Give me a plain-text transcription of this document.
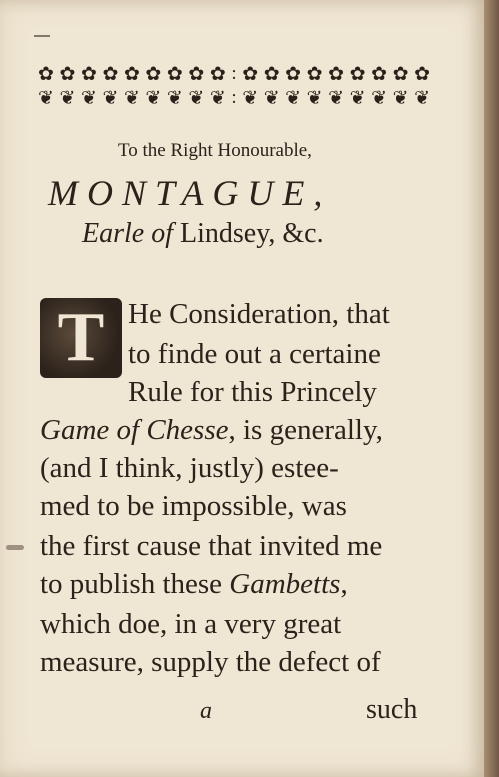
✿ ✿ ✿ ✿ ✿ ✿ ✿ ✿ ✿ : ✿ ✿ ✿ ✿ ✿ ✿ ✿ ✿ ✿
❦ ❦ ❦ ❦ ❦ ❦ ❦ ❦ ❦ : ❦ ❦ ❦ ❦ ❦ ❦ ❦ ❦ ❦
To the Right Honourable,
MONTAGUE,
Earle of Lindsey, &c.
T He Consideration, that
to finde out a certaine
Rule for this Princely
Game of Chesse, is generally,
(and I think, justly) estee-
med to be impossible, was
the first cause that invited me
to publish these Gambetts,
which doe, in a very great
measure, supply the defect of
a	such
